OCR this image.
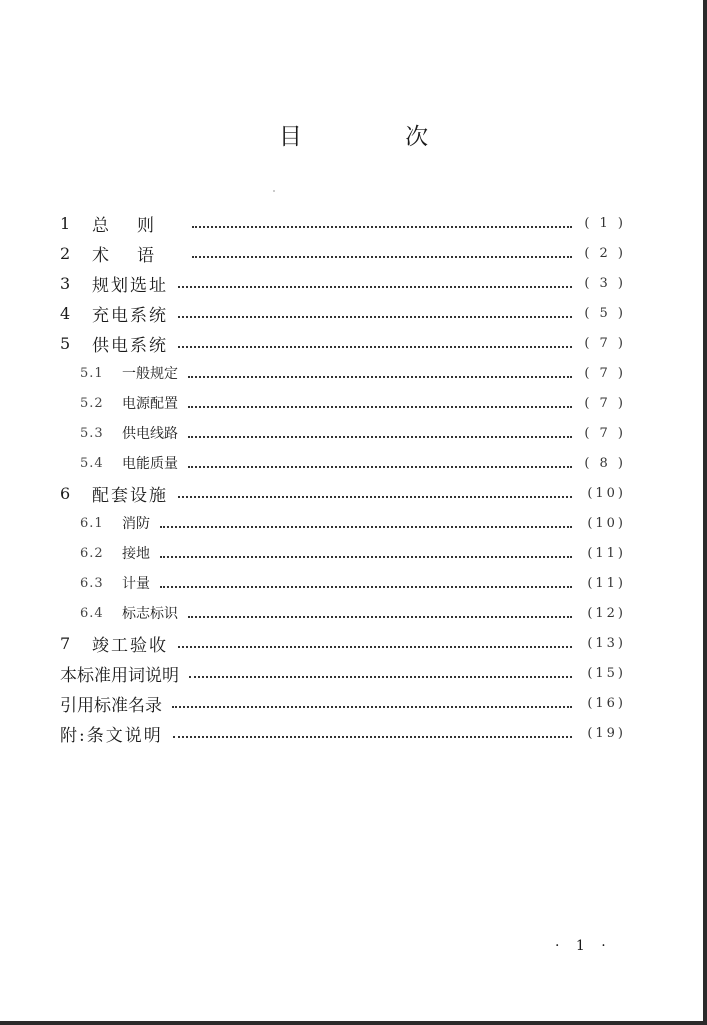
目 次
1	总则	( 1 )
2	术语	( 2 )
3	规划选址	( 3 )
4	充电系统	( 5 )
5	供电系统	( 7 )
5.1	一般规定	( 7 )
5.2	电源配置	( 7 )
5.3	供电线路	( 7 )
5.4	电能质量	( 8 )
6	配套设施	(10)
6.1	消防	(10)
6.2	接地	(11)
6.3	计量	(11)
6.4	标志标识	(12)
7	竣工验收	(13)
本标准用词说明	(15)
引用标准名录	(16)
附:条文说明	(19)
· 1 ·
